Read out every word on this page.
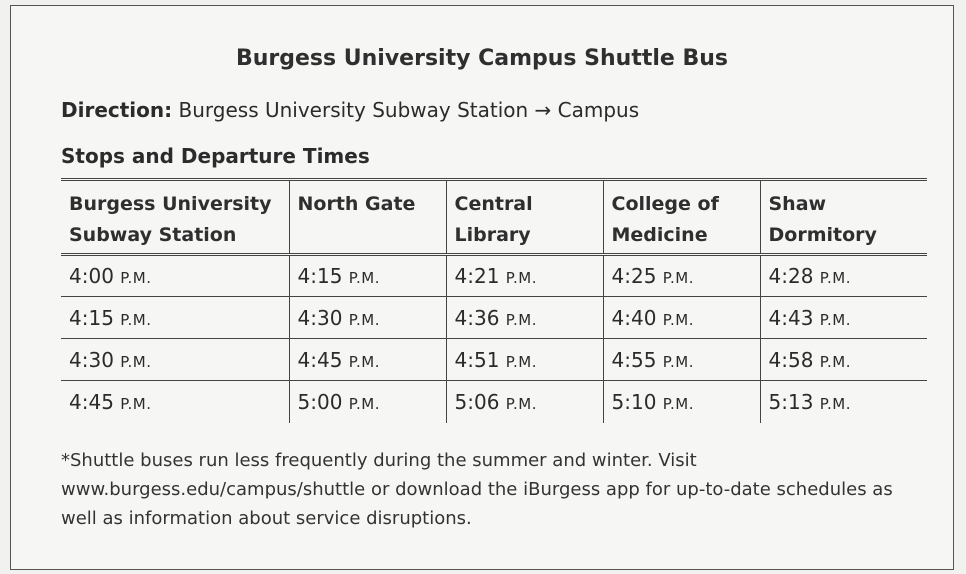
Burgess University Campus Shuttle Bus
Direction: Burgess University Subway Station → Campus
Stops and Departure Times
Burgess University Subway Station	North Gate	Central Library	College of Medicine	Shaw Dormitory
4:00 P.M.	4:15 P.M.	4:21 P.M.	4:25 P.M.	4:28 P.M.
4:15 P.M.	4:30 P.M.	4:36 P.M.	4:40 P.M.	4:43 P.M.
4:30 P.M.	4:45 P.M.	4:51 P.M.	4:55 P.M.	4:58 P.M.
4:45 P.M.	5:00 P.M.	5:06 P.M.	5:10 P.M.	5:13 P.M.
*Shuttle buses run less frequently during the summer and winter. Visit www.burgess.edu/campus/shuttle or download the iBurgess app for up-to-date schedules as well as information about service disruptions.
